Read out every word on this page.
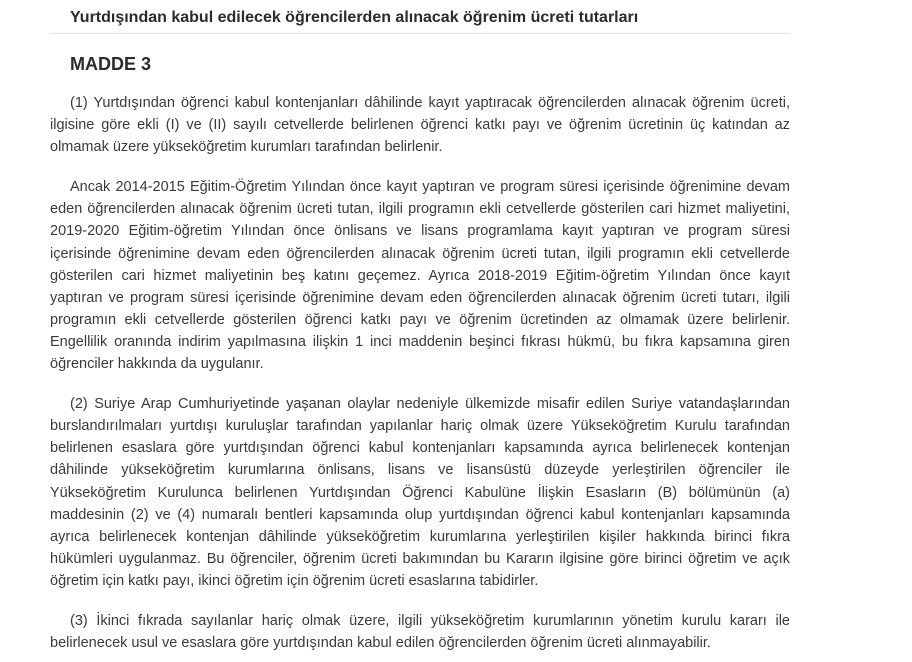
Yurtdışından kabul edilecek öğrencilerden alınacak öğrenim ücreti tutarları
MADDE 3

(1) Yurtdışından öğrenci kabul kontenjanları dâhilinde kayıt yaptıracak öğrencilerden alınacak öğrenim ücreti, ilgisine göre ekli (I) ve (II) sayılı cetvellerde belirlenen öğrenci katkı payı ve öğrenim ücretinin üç katından az olmamak üzere yükseköğretim kurumları tarafından belirlenir.

Ancak 2014-2015 Eğitim-Öğretim Yılından önce kayıt yaptıran ve program süresi içerisinde öğrenimine devam eden öğrencilerden alınacak öğrenim ücreti tutan, ilgili programın ekli cetvellerde gösterilen cari hizmet maliyetini, 2019-2020 Eğitim-öğretim Yılından önce önlisans ve lisans programlama kayıt yaptıran ve program süresi içerisinde öğrenimine devam eden öğrencilerden alınacak öğrenim ücreti tutan, ilgili programın ekli cetvellerde gösterilen cari hizmet maliyetinin beş katını geçemez. Ayrıca 2018-2019 Eğitim-öğretim Yılından önce kayıt yaptıran ve program süresi içerisinde öğrenimine devam eden öğrencilerden alınacak öğrenim ücreti tutarı, ilgili programın ekli cetvellerde gösterilen öğrenci katkı payı ve öğrenim ücretinden az olmamak üzere belirlenir. Engellilik oranında indirim yapılmasına ilişkin 1 inci maddenin beşinci fıkrası hükmü, bu fıkra kapsamına giren öğrenciler hakkında da uygulanır.

(2) Suriye Arap Cumhuriyetinde yaşanan olaylar nedeniyle ülkemizde misafir edilen Suriye vatandaşlarından burslandırılmaları yurtdışı kuruluşlar tarafından yapılanlar hariç olmak üzere Yükseköğretim Kurulu tarafından belirlenen esaslara göre yurtdışından öğrenci kabul kontenjanları kapsamında ayrıca belirlenecek kontenjan dâhilinde yükseköğretim kurumlarına önlisans, lisans ve lisansüstü düzeyde yerleştirilen öğrenciler ile Yükseköğretim Kurulunca belirlenen Yurtdışından Öğrenci Kabulüne İlişkin Esasların (B) bölümünün (a) maddesinin (2) ve (4) numaralı bentleri kapsamında olup yurtdışından öğrenci kabul kontenjanları kapsamında ayrıca belirlenecek kontenjan dâhilinde yükseköğretim kurumlarına yerleştirilen kişiler hakkında birinci fıkra hükümleri uygulanmaz. Bu öğrenciler, öğrenim ücreti bakımından bu Kararın ilgisine göre birinci öğretim ve açık öğretim için katkı payı, ikinci öğretim için öğrenim ücreti esaslarına tabidirler.

(3) İkinci fıkrada sayılanlar hariç olmak üzere, ilgili yükseköğretim kurumlarının yönetim kurulu kararı ile belirlenecek usul ve esaslara göre yurtdışından kabul edilen öğrencilerden öğrenim ücreti alınmayabilir.
